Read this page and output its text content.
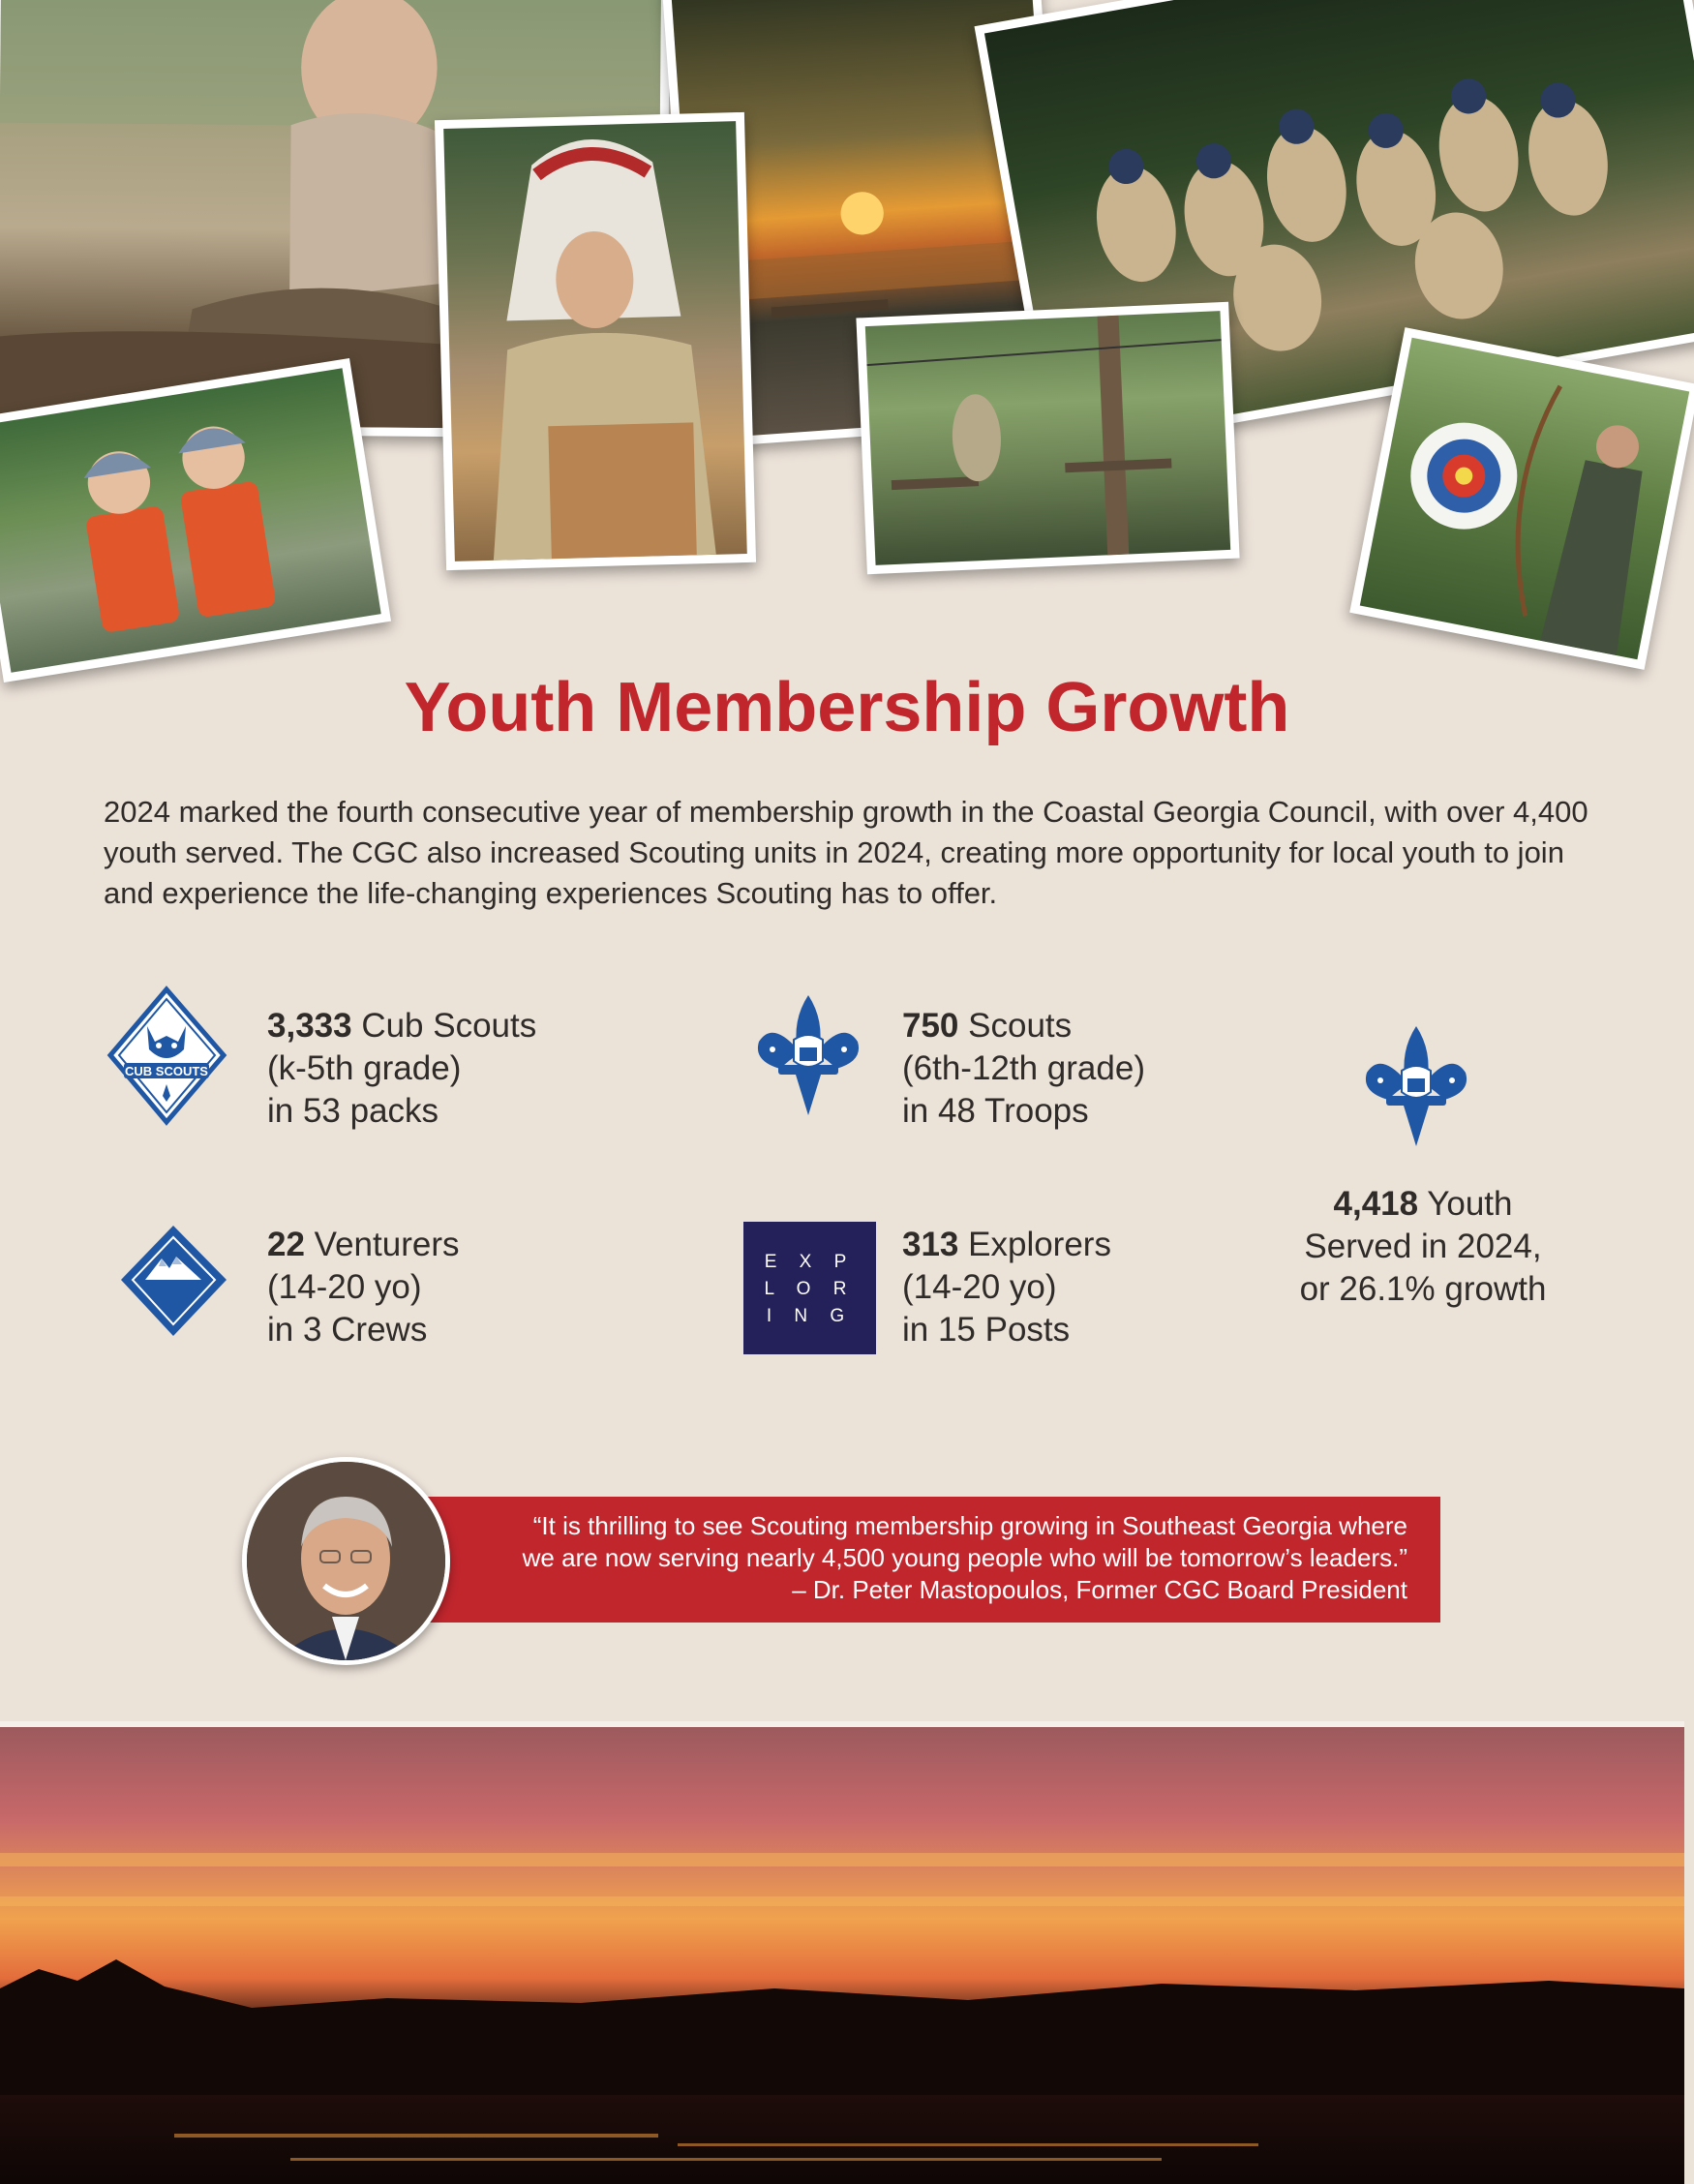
Youth Membership Growth

2024 marked the fourth consecutive year of membership growth in the Coastal Georgia Council, with over 4,400 youth served. The CGC also increased Scouting units in 2024, creating more opportunity for local youth to join and experience the life-changing experiences Scouting has to offer.

CUB SCOUTS
3,333 Cub Scouts
(k-5th grade)
in 53 packs
750 Scouts
(6th-12th grade)
in 48 Troops
4,418 Youth
Served in 2024,
or 26.1% growth
22 Venturers
(14-20 yo)
in 3 Crews
E X P
L O R
I N G
313 Explorers
(14-20 yo)
in 15 Posts
“It is thrilling to see Scouting membership growing in Southeast Georgia where
we are now serving nearly 4,500 young people who will be tomorrow’s leaders.”
– Dr. Peter Mastopoulos, Former CGC Board President
